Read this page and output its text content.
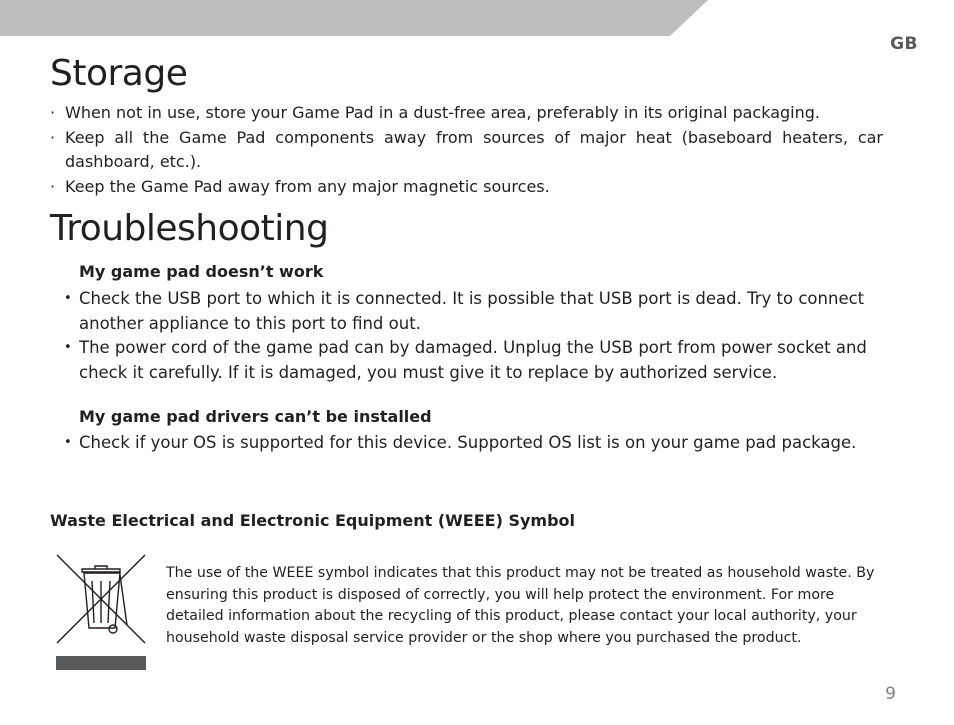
GB
Storage
· When not in use, store your Game Pad in a dust-free area, preferably in its original packaging.
· Keep all the Game Pad components away from sources of major heat (baseboard heaters, car dashboard, etc.).
· Keep the Game Pad away from any major magnetic sources.
Troubleshooting
My game pad doesn’t work
• Check the USB port to which it is connected. It is possible that USB port is dead. Try to connect another appliance to this port to find out.
• The power cord of the game pad can by damaged. Unplug the USB port from power socket and check it carefully. If it is damaged, you must give it to replace by authorized service.
My game pad drivers can’t be installed
• Check if your OS is supported for this device. Supported OS list is on your game pad package.
Waste Electrical and Electronic Equipment (WEEE) Symbol

The use of the WEEE symbol indicates that this product may not be treated as household waste. By ensuring this product is disposed of correctly, you will help protect the environment. For more detailed information about the recycling of this product, please contact your local authority, your household waste disposal service provider or the shop where you purchased the product.

9
